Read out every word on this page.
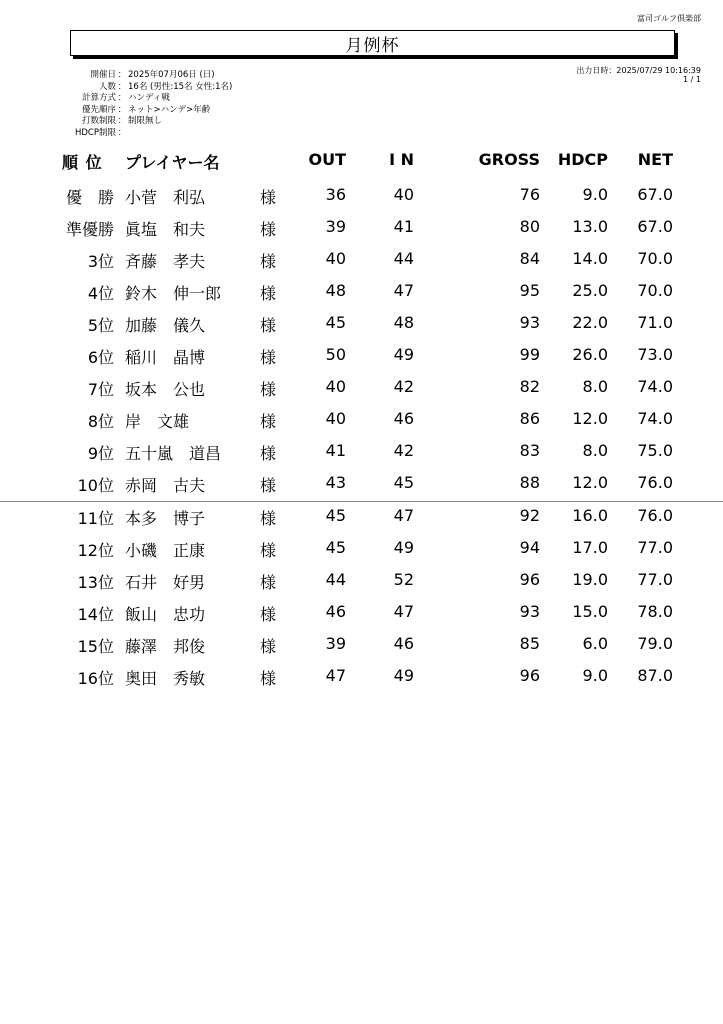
富司ゴルフ倶楽部
月例杯
出力日時：2025/07/29 10:16:39
1 / 1
開催日 ： 2025年07月06日 (日)
人数 ： 16名 (男性:15名 女性:1名)
計算方式 ： ハンディ戦
優先順序 ： ネット>ハンデ>年齢
打数制限 ： 制限無し
HDCP制限 ：
順 位 プレイヤー名	OUT	I N	GROSS	HDCP	NET
優　勝 小菅　利弘	様	36	40	76	9.0	67.0
準優勝 眞塩　和夫	様	39	41	80	13.0	67.0
3位 斉藤　孝夫	様	40	44	84	14.0	70.0
4位 鈴木　伸一郎 様	48	47	95	25.0	70.0
5位 加藤　儀久	様	45	48	93	22.0	71.0
6位 稲川　晶博	様	50	49	99	26.0	73.0
7位 坂本　公也	様	40	42	82	8.0	74.0
8位 岸　文雄	様	40	46	86	12.0	74.0
9位 五十嵐　道昌 様	41	42	83	8.0	75.0
10位 赤岡　古夫	様	43	45	88	12.0	76.0
11位 本多　博子	様	45	47	92	16.0	76.0
12位 小磯　正康	様	45	49	94	17.0	77.0
13位 石井　好男	様	44	52	96	19.0	77.0
14位 飯山　忠功	様	46	47	93	15.0	78.0
15位 藤澤　邦俊	様	39	46	85	6.0	79.0
16位 奥田　秀敏	様	47	49	96	9.0	87.0
